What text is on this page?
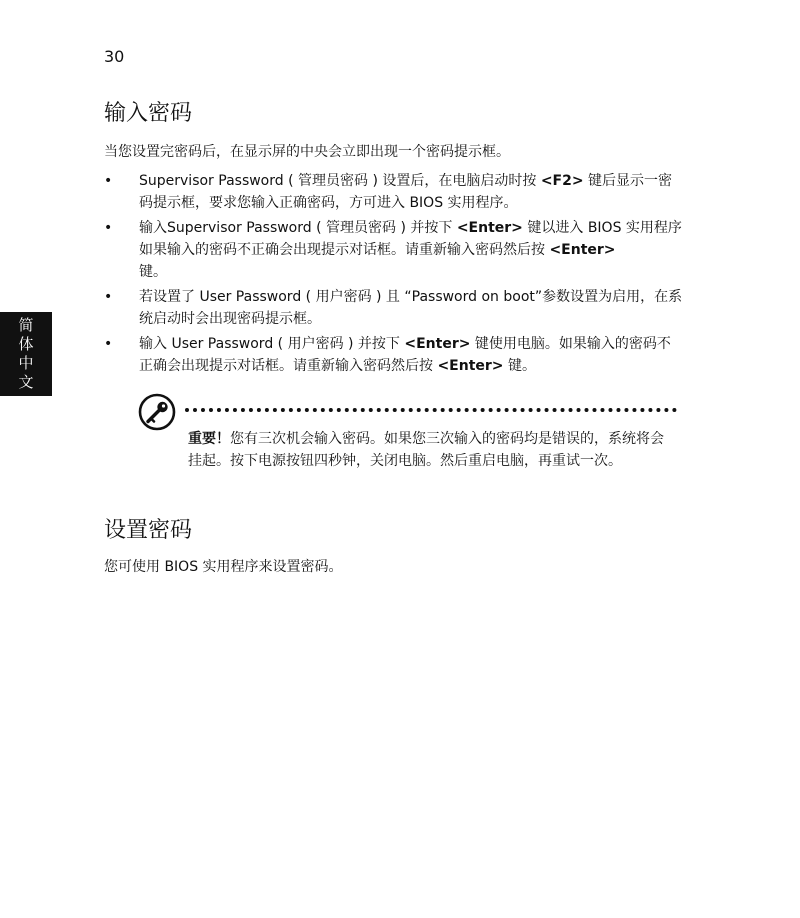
30
输入密码

当您设置完密码后，在显示屏的中央会立即出现一个密码提示框。

• Supervisor Password ( 管理员密码 ) 设置后，在电脑启动时按 <F2> 键后显示一密码提示框，要求您输入正确密码，方可进入 BIOS 实用程序。
• 输入Supervisor Password ( 管理员密码 ) 并按下 <Enter> 键以进入 BIOS 实用程序 如果输入的密码不正确会出现提示对话框。请重新输入密码然后按 <Enter>
键。
• 若设置了 User Password ( 用户密码 ) 且 “Password on boot”参数设置为启用，在系统启动时会出现密码提示框。
• 输入 User Password ( 用户密码 ) 并按下 <Enter> 键使用电脑。如果输入的密码不正确会出现提示对话框。请重新输入密码然后按 <Enter> 键。
简
体
中
文

重要！您有三次机会输入密码。如果您三次输入的密码均是错误的，系统将会挂起。按下电源按钮四秒钟，关闭电脑。然后重启电脑，再重试一次。

设置密码

您可使用 BIOS 实用程序来设置密码。
